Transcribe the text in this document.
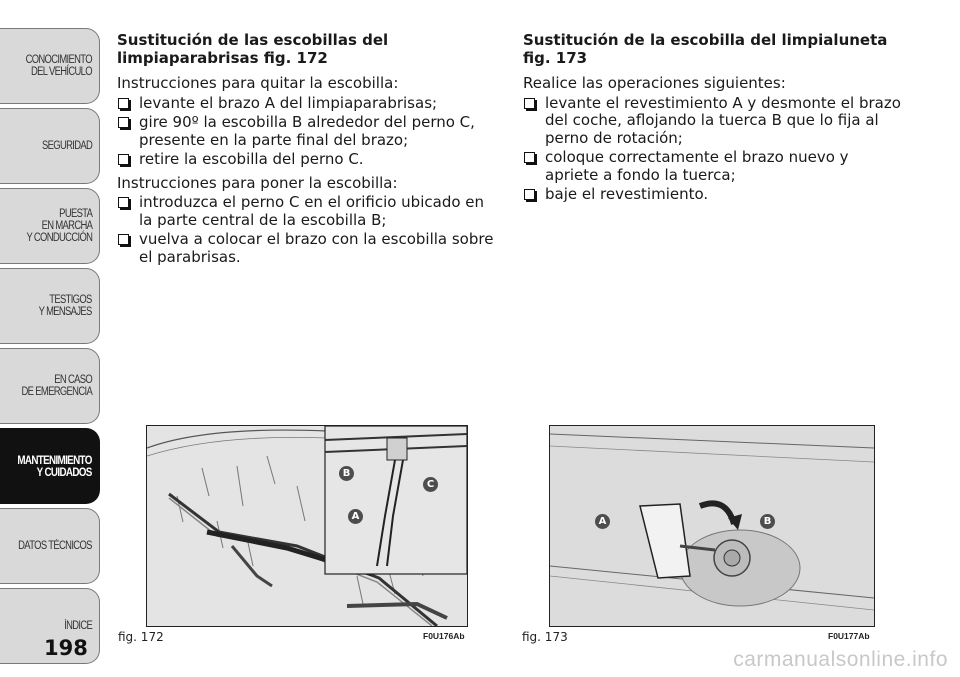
CONOCIMIENTO
DEL VEHÍCULO
SEGURIDAD
PUESTA
EN MARCHA
Y CONDUCCIÓN
TESTIGOS
Y MENSAJES
EN CASO
DE EMERGENCIA
MANTENIMIENTO
Y CUIDADOS
DATOS TÉCNICOS
ÍNDICE
198
Sustitución de las escobillas del limpiaparabrisas fig. 172

Instrucciones para quitar la escobilla:

levante el brazo A del limpiaparabrisas;
gire 90º la escobilla B alrededor del perno C, presente en la parte final del brazo;
retire la escobilla del perno C.

Instrucciones para poner la escobilla:

introduzca el perno C en el orificio ubicado en la parte central de la escobilla B;
vuelva a colocar el brazo con la escobilla sobre el parabrisas.
Sustitución de la escobilla del limpialuneta fig. 173

Realice las operaciones siguientes:

levante el revestimiento A y desmonte el brazo del coche, aflojando la tuerca B que lo fija al perno de rotación;
coloque correctamente el brazo nuevo y apriete a fondo la tuerca;
baje el revestimiento.
B
C
A
fig. 172	F0U176Ab
A	B
fig. 173	F0U177Ab
carmanualsonline.info
